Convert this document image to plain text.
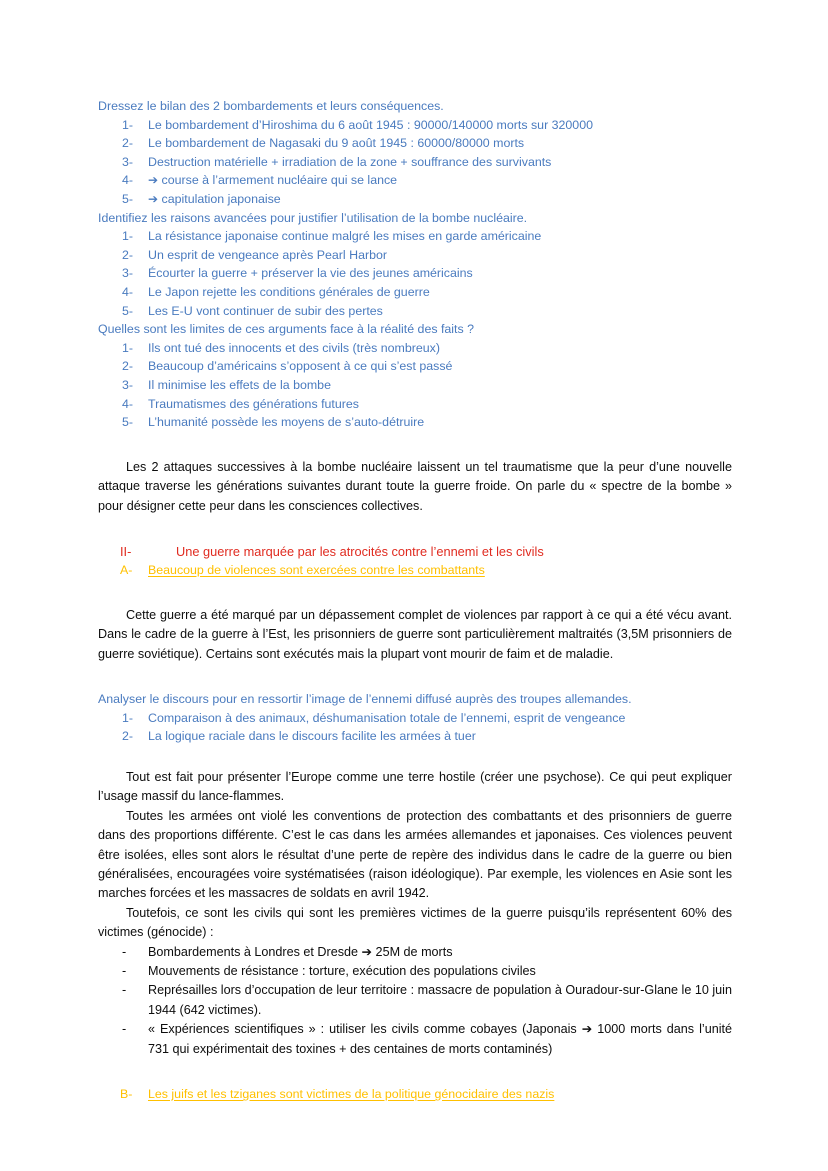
Dressez le bilan des 2 bombardements et leurs conséquences.
1-	Le bombardement d’Hiroshima du 6 août 1945 : 90000/140000 morts sur 320000
2-	Le bombardement de Nagasaki du 9 août 1945 : 60000/80000 morts
3-	Destruction matérielle + irradiation de la zone + souffrance des survivants
4-	➔ course à l’armement nucléaire qui se lance
5-	➔ capitulation japonaise
Identifiez les raisons avancées pour justifier l’utilisation de la bombe nucléaire.
1-	La résistance japonaise continue malgré les mises en garde américaine
2-	Un esprit de vengeance après Pearl Harbor
3-	Écourter la guerre + préserver la vie des jeunes américains
4-	Le Japon rejette les conditions générales de guerre
5-	Les E-U vont continuer de subir des pertes
Quelles sont les limites de ces arguments face à la réalité des faits ?
1-	Ils ont tué des innocents et des civils (très nombreux)
2-	Beaucoup d’américains s’opposent à ce qui s’est passé
3-	Il minimise les effets de la bombe
4-	Traumatismes des générations futures
5-	L’humanité possède les moyens de s’auto-détruire

Les 2 attaques successives à la bombe nucléaire laissent un tel traumatisme que la peur d’une nouvelle attaque traverse les générations suivantes durant toute la guerre froide. On parle du « spectre de la bombe » pour désigner cette peur dans les consciences collectives.

II-	Une guerre marquée par les atrocités contre l’ennemi et les civils
A-	Beaucoup de violences sont exercées contre les combattants

Cette guerre a été marqué par un dépassement complet de violences par rapport à ce qui a été vécu avant. Dans le cadre de la guerre à l’Est, les prisonniers de guerre sont particulièrement maltraités (3,5M prisonniers de guerre soviétique). Certains sont exécutés mais la plupart vont mourir de faim et de maladie.

Analyser le discours pour en ressortir l’image de l’ennemi diffusé auprès des troupes allemandes.
1-	Comparaison à des animaux, déshumanisation totale de l’ennemi, esprit de vengeance
2-	La logique raciale dans le discours facilite les armées à tuer

Tout est fait pour présenter l’Europe comme une terre hostile (créer une psychose). Ce qui peut expliquer l’usage massif du lance-flammes.

Toutes les armées ont violé les conventions de protection des combattants et des prisonniers de guerre dans des proportions différente. C’est le cas dans les armées allemandes et japonaises. Ces violences peuvent être isolées, elles sont alors le résultat d’une perte de repère des individus dans le cadre de la guerre ou bien généralisées, encouragées voire systématisées (raison idéologique). Par exemple, les violences en Asie sont les marches forcées et les massacres de soldats en avril 1942.

Toutefois, ce sont les civils qui sont les premières victimes de la guerre puisqu’ils représentent 60% des victimes (génocide) :

-	Bombardements à Londres et Dresde ➔ 25M de morts
-	Mouvements de résistance : torture, exécution des populations civiles
-	Représailles lors d’occupation de leur territoire : massacre de population à Ouradour-sur-Glane le 10 juin 1944 (642 victimes).
-	« Expériences scientifiques » : utiliser les civils comme cobayes (Japonais ➔ 1000 morts dans l’unité 731 qui expérimentait des toxines + des centaines de morts contaminés)
B-	Les juifs et les tziganes sont victimes de la politique génocidaire des nazis
